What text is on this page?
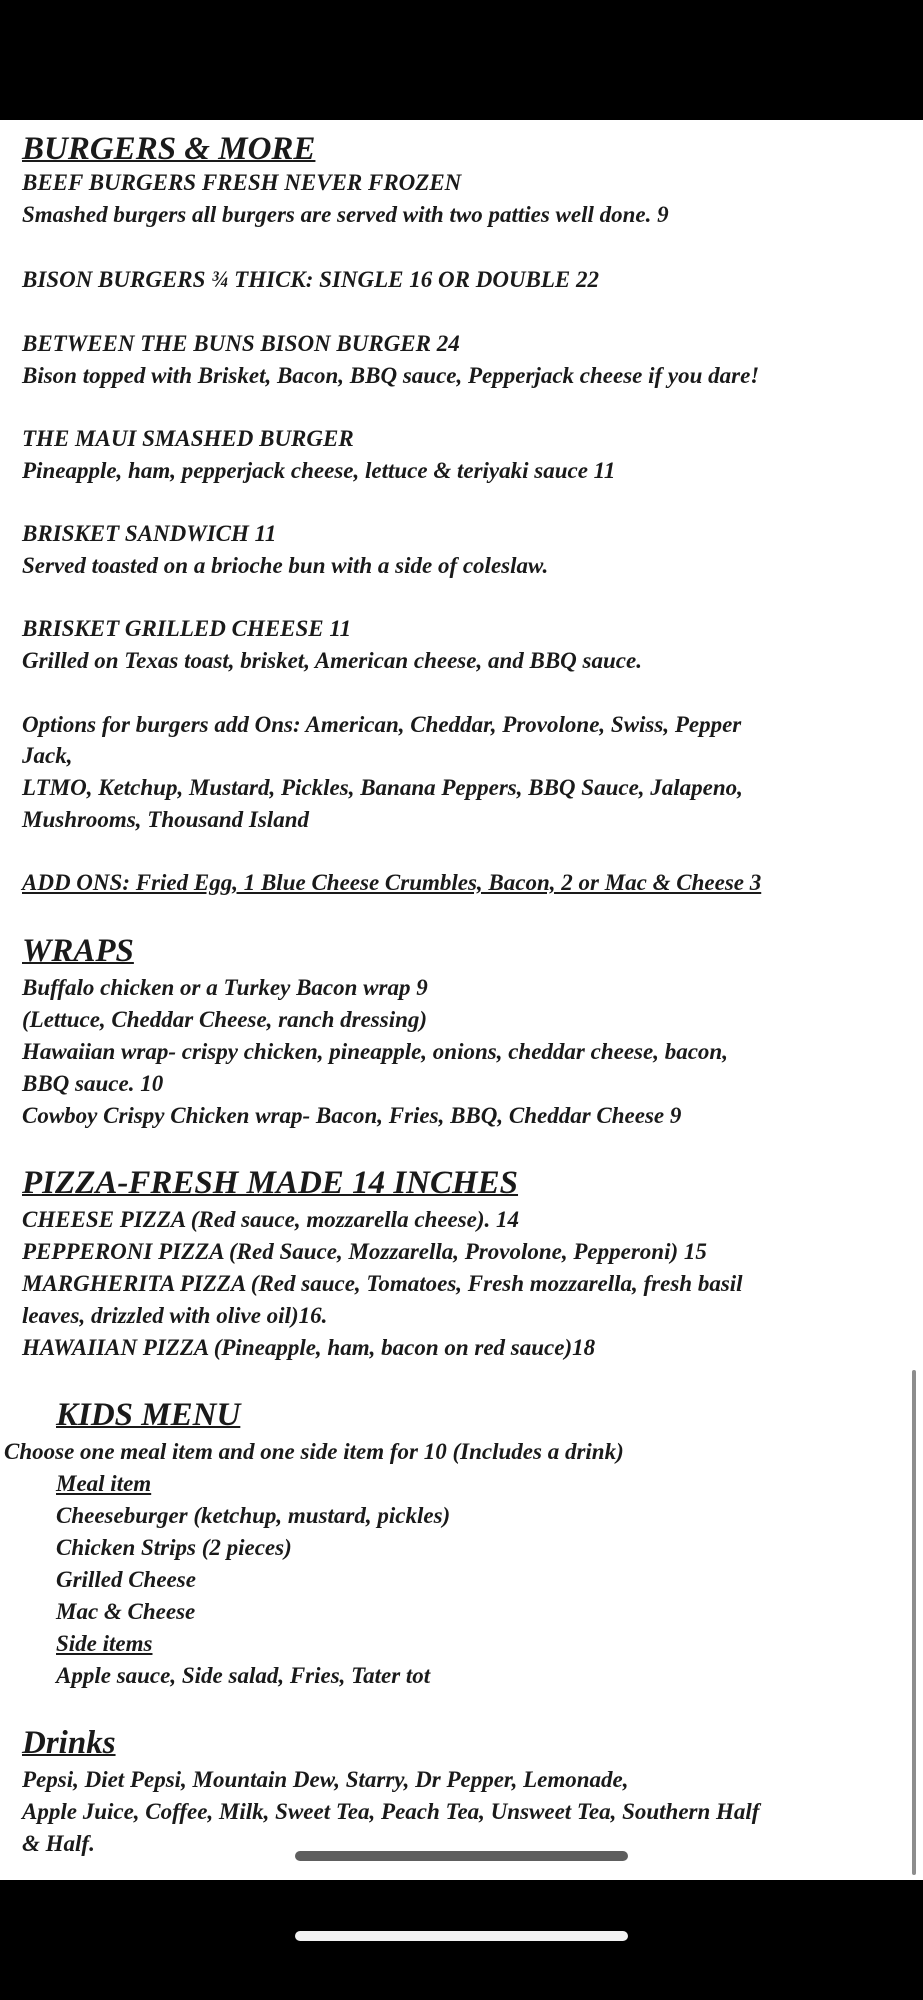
BURGERS & MORE

BEEF BURGERS FRESH NEVER FROZEN

Smashed burgers all burgers are served with two patties well done. 9

BISON BURGERS ¾ THICK: SINGLE 16 OR DOUBLE 22

BETWEEN THE BUNS BISON BURGER 24

Bison topped with Brisket, Bacon, BBQ sauce, Pepperjack cheese if you dare!

THE MAUI SMASHED BURGER

Pineapple, ham, pepperjack cheese, lettuce & teriyaki sauce 11

BRISKET SANDWICH 11

Served toasted on a brioche bun with a side of coleslaw.

BRISKET GRILLED CHEESE 11

Grilled on Texas toast, brisket, American cheese, and BBQ sauce.

Options for burgers add Ons: American, Cheddar, Provolone, Swiss, Pepper

Jack,

LTMO, Ketchup, Mustard, Pickles, Banana Peppers, BBQ Sauce, Jalapeno,

Mushrooms, Thousand Island

ADD ONS: Fried Egg, 1 Blue Cheese Crumbles, Bacon, 2 or Mac & Cheese 3

WRAPS

Buffalo chicken or a Turkey Bacon wrap 9

(Lettuce, Cheddar Cheese, ranch dressing)

Hawaiian wrap- crispy chicken, pineapple, onions, cheddar cheese, bacon,

BBQ sauce. 10

Cowboy Crispy Chicken wrap- Bacon, Fries, BBQ, Cheddar Cheese 9

PIZZA-FRESH MADE 14 INCHES

CHEESE PIZZA (Red sauce, mozzarella cheese). 14

PEPPERONI PIZZA (Red Sauce, Mozzarella, Provolone, Pepperoni) 15

MARGHERITA PIZZA (Red sauce, Tomatoes, Fresh mozzarella, fresh basil

leaves, drizzled with olive oil)16.

HAWAIIAN PIZZA (Pineapple, ham, bacon on red sauce)18

KIDS MENU

Choose one meal item and one side item for 10 (Includes a drink)

Meal item

Cheeseburger (ketchup, mustard, pickles)

Chicken Strips (2 pieces)

Grilled Cheese

Mac & Cheese

Side items

Apple sauce, Side salad, Fries, Tater tot

Drinks

Pepsi, Diet Pepsi, Mountain Dew, Starry, Dr Pepper, Lemonade,

Apple Juice, Coffee, Milk, Sweet Tea, Peach Tea, Unsweet Tea, Southern Half

& Half.
